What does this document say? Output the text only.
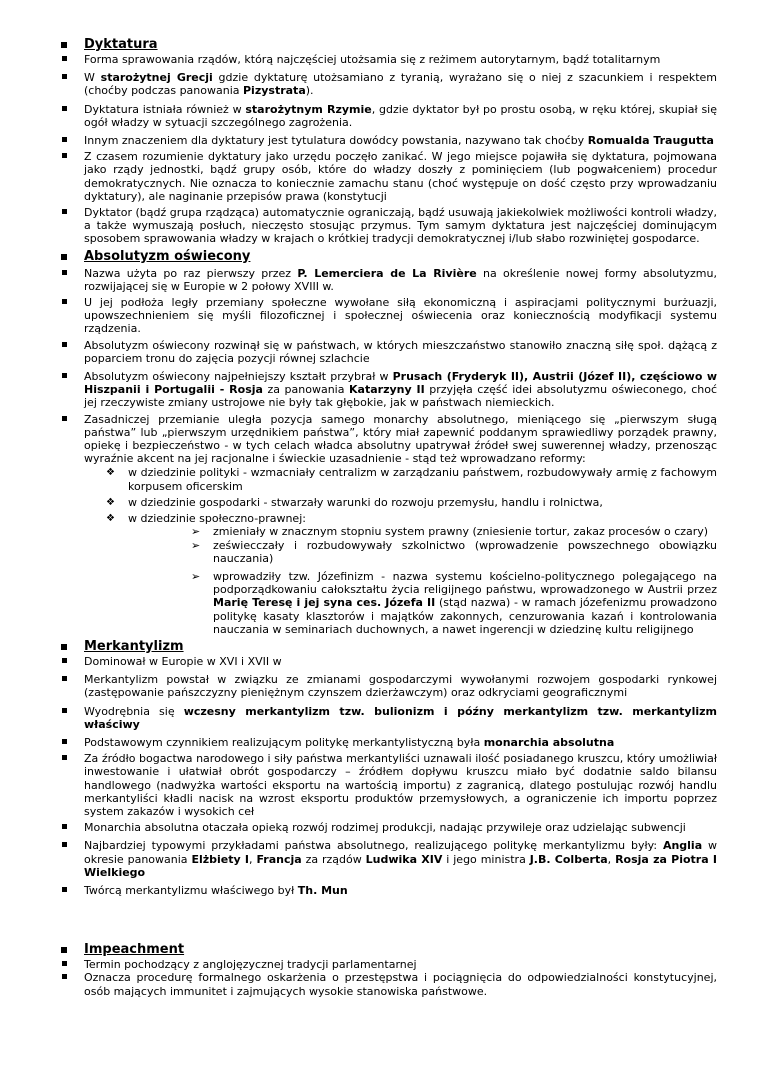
Dyktatura
Forma sprawowania rządów, którą najczęściej utożsamia się z reżimem autorytarnym, bądź totalitarnym
W starożytnej Grecji gdzie dyktaturę utożsamiano z tyranią, wyrażano się o niej z szacunkiem i respektem (choćby podczas panowania Pizystrata).
Dyktatura istniała również w starożytnym Rzymie, gdzie dyktator był po prostu osobą, w ręku której, skupiał się ogół władzy w sytuacji szczególnego zagrożenia.
Innym znaczeniem dla dyktatury jest tytulatura dowódcy powstania, nazywano tak choćby Romualda Traugutta
Z czasem rozumienie dyktatury jako urzędu poczęło zanikać. W jego miejsce pojawiła się dyktatura, pojmowana jako rządy jednostki, bądź grupy osób, które do władzy doszły z pominięciem (lub pogwałceniem) procedur demokratycznych. Nie oznacza to koniecznie zamachu stanu (choć występuje on dość często przy wprowadzaniu dyktatury), ale naginanie przepisów prawa (konstytucji
Dyktator (bądź grupa rządząca) automatycznie ograniczają, bądź usuwają jakiekolwiek możliwości kontroli władzy, a także wymuszają posłuch, nieczęsto stosując przymus. Tym samym dyktatura jest najczęściej dominującym sposobem sprawowania władzy w krajach o krótkiej tradycji demokratycznej i/lub słabo rozwiniętej gospodarce.
Absolutyzm oświecony
Nazwa użyta po raz pierwszy przez P. Lemerciera de La Rivière na określenie nowej formy absolutyzmu, rozwijającej się w Europie w 2 połowy XVIII w.
U jej podłoża legły przemiany społeczne wywołane siłą ekonomiczną i aspiracjami politycznymi burżuazji, upowszechnieniem się myśli filozoficznej i społecznej oświecenia oraz koniecznością modyfikacji systemu rządzenia.
Absolutyzm oświecony rozwinął się w państwach, w których mieszczaństwo stanowiło znaczną siłę społ. dążącą z poparciem tronu do zajęcia pozycji równej szlachcie
Absolutyzm oświecony najpełniejszy kształt przybrał w Prusach (Fryderyk II), Austrii (Józef II), częściowo w Hiszpanii i Portugalii - Rosja za panowania Katarzyny II przyjęła część idei absolutyzmu oświeconego, choć jej rzeczywiste zmiany ustrojowe nie były tak głębokie, jak w państwach niemieckich.
Zasadniczej przemianie uległa pozycja samego monarchy absolutnego, mieniącego się „pierwszym sługą państwa” lub „pierwszym urzędnikiem państwa”, który miał zapewnić poddanym sprawiedliwy porządek prawny, opiekę i bezpieczeństwo - w tych celach władca absolutny upatrywał źródeł swej suwerennej władzy, przenosząc wyraźnie akcent na jej racjonalne i świeckie uzasadnienie - stąd też wprowadzano reformy:
❖ w dziedzinie polityki - wzmacniały centralizm w zarządzaniu państwem, rozbudowywały armię z fachowym korpusem oficerskim
❖ w dziedzinie gospodarki - stwarzały warunki do rozwoju przemysłu, handlu i rolnictwa,
❖ w dziedzinie społeczno-prawnej:
➢ zmieniały w znacznym stopniu system prawny (zniesienie tortur, zakaz procesów o czary)
➢ zeświecczały i rozbudowywały szkolnictwo (wprowadzenie powszechnego obowiązku nauczania)
➢ wprowadziły tzw. Józefinizm - nazwa systemu kościelno-politycznego polegającego na podporządkowaniu całokształtu życia religijnego państwu, wprowadzonego w Austrii przez Marię Teresę i jej syna ces. Józefa II (stąd nazwa) - w ramach józefenizmu prowadzono politykę kasaty klasztorów i majątków zakonnych, cenzurowania kazań i kontrolowania nauczania w seminariach duchownych, a nawet ingerencji w dziedzinę kultu religijnego
Merkantylizm
Dominował w Europie w XVI i XVII w
Merkantylizm powstał w związku ze zmianami gospodarczymi wywołanymi rozwojem gospodarki rynkowej (zastępowanie pańszczyzny pieniężnym czynszem dzierżawczym) oraz odkryciami geograficznymi
Wyodrębnia się wczesny merkantylizm tzw. bulionizm i późny merkantylizm tzw. merkantylizm właściwy
Podstawowym czynnikiem realizującym politykę merkantylistyczną była monarchia absolutna
Za źródło bogactwa narodowego i siły państwa merkantyliści uznawali ilość posiadanego kruszcu, który umożliwiał inwestowanie i ułatwiał obrót gospodarczy – źródłem dopływu kruszcu miało być dodatnie saldo bilansu handlowego (nadwyżka wartości eksportu na wartością importu) z zagranicą, dlatego postulując rozwój handlu merkantyliści kładli nacisk na wzrost eksportu produktów przemysłowych, a ograniczenie ich importu poprzez system zakazów i wysokich ceł
Monarchia absolutna otaczała opieką rozwój rodzimej produkcji, nadając przywileje oraz udzielając subwencji
Najbardziej typowymi przykładami państwa absolutnego, realizującego politykę merkantylizmu były: Anglia w okresie panowania Elżbiety I, Francja za rządów Ludwika XIV i jego ministra J.B. Colberta, Rosja za Piotra I Wielkiego
Twórcą merkantylizmu właściwego był Th. Mun
Impeachment
Termin pochodzący z anglojęzycznej tradycji parlamentarnej
Oznacza procedurę formalnego oskarżenia o przestępstwa i pociągnięcia do odpowiedzialności konstytucyjnej, osób mających immunitet i zajmujących wysokie stanowiska państwowe.
